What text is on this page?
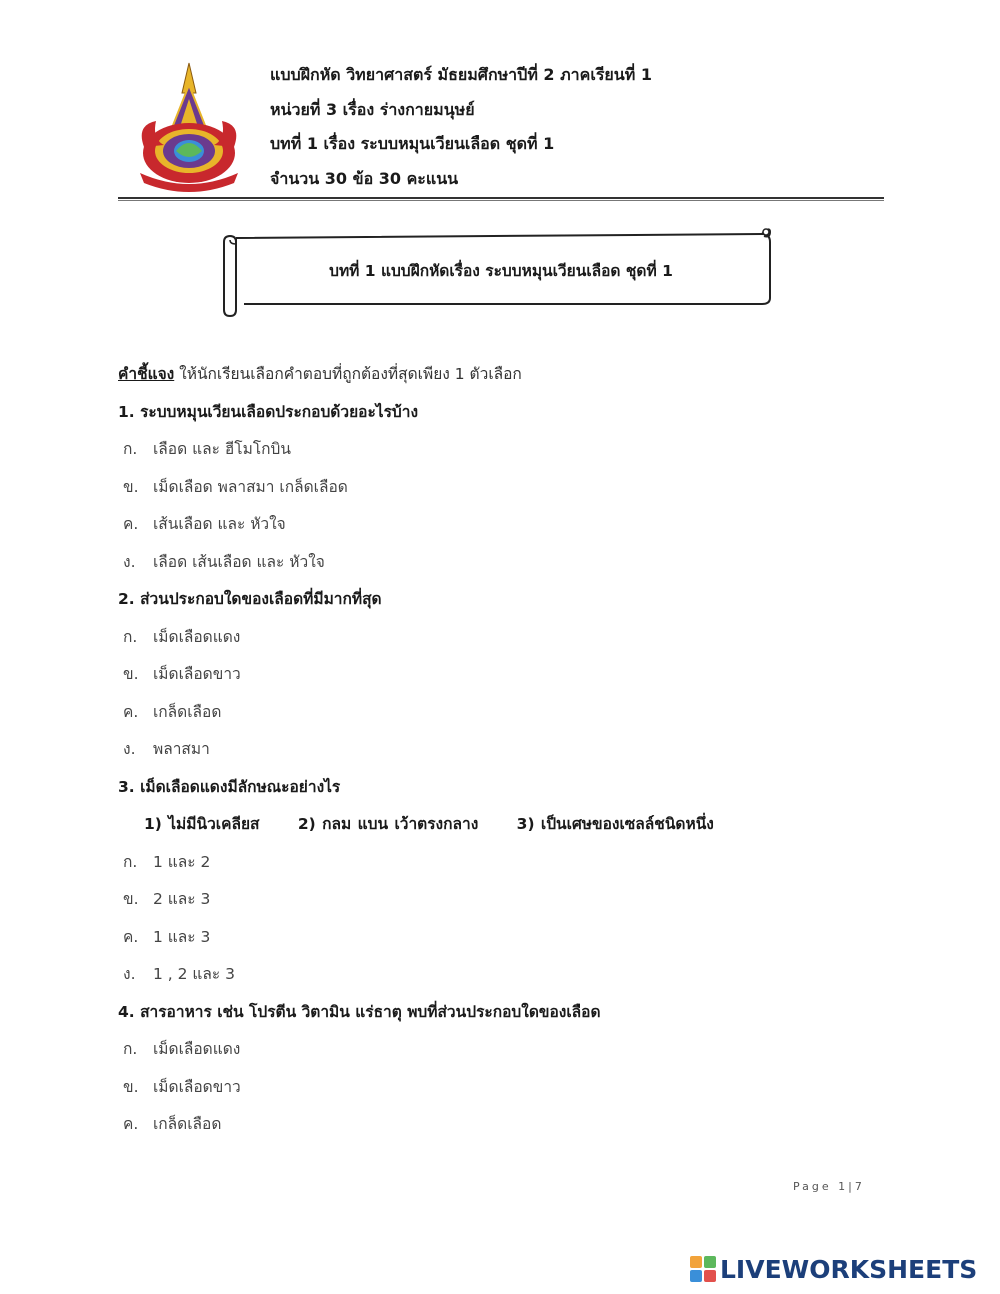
แบบฝึกหัด วิทยาศาสตร์ มัธยมศึกษาปีที่ 2 ภาคเรียนที่ 1
หน่วยที่ 3 เรื่อง ร่างกายมนุษย์
บทที่ 1 เรื่อง ระบบหมุนเวียนเลือด ชุดที่ 1
จำนวน 30 ข้อ 30 คะแนน
บทที่ 1 แบบฝึกหัดเรื่อง ระบบหมุนเวียนเลือด ชุดที่ 1
คำชี้แจง ให้นักเรียนเลือกคำตอบที่ถูกต้องที่สุดเพียง 1 ตัวเลือก
1. ระบบหมุนเวียนเลือดประกอบด้วยอะไรบ้าง
ก. เลือด และ ฮีโมโกบิน
ข. เม็ดเลือด พลาสมา เกล็ดเลือด
ค. เส้นเลือด และ หัวใจ
ง. เลือด เส้นเลือด และ หัวใจ
2. ส่วนประกอบใดของเลือดที่มีมากที่สุด
ก. เม็ดเลือดแดง
ข. เม็ดเลือดขาว
ค. เกล็ดเลือด
ง. พลาสมา
3. เม็ดเลือดแดงมีลักษณะอย่างไร
1) ไม่มีนิวเคลียส      2) กลม แบน เว้าตรงกลาง      3) เป็นเศษของเซลล์ชนิดหนึ่ง
ก. 1 และ 2
ข. 2 และ 3
ค. 1 และ 3
ง. 1 , 2 และ 3
4. สารอาหาร เช่น โปรตีน วิตามิน แร่ธาตุ พบที่ส่วนประกอบใดของเลือด
ก. เม็ดเลือดแดง
ข. เม็ดเลือดขาว
ค. เกล็ดเลือด
Page 1|7
LIVEWORKSHEETS
